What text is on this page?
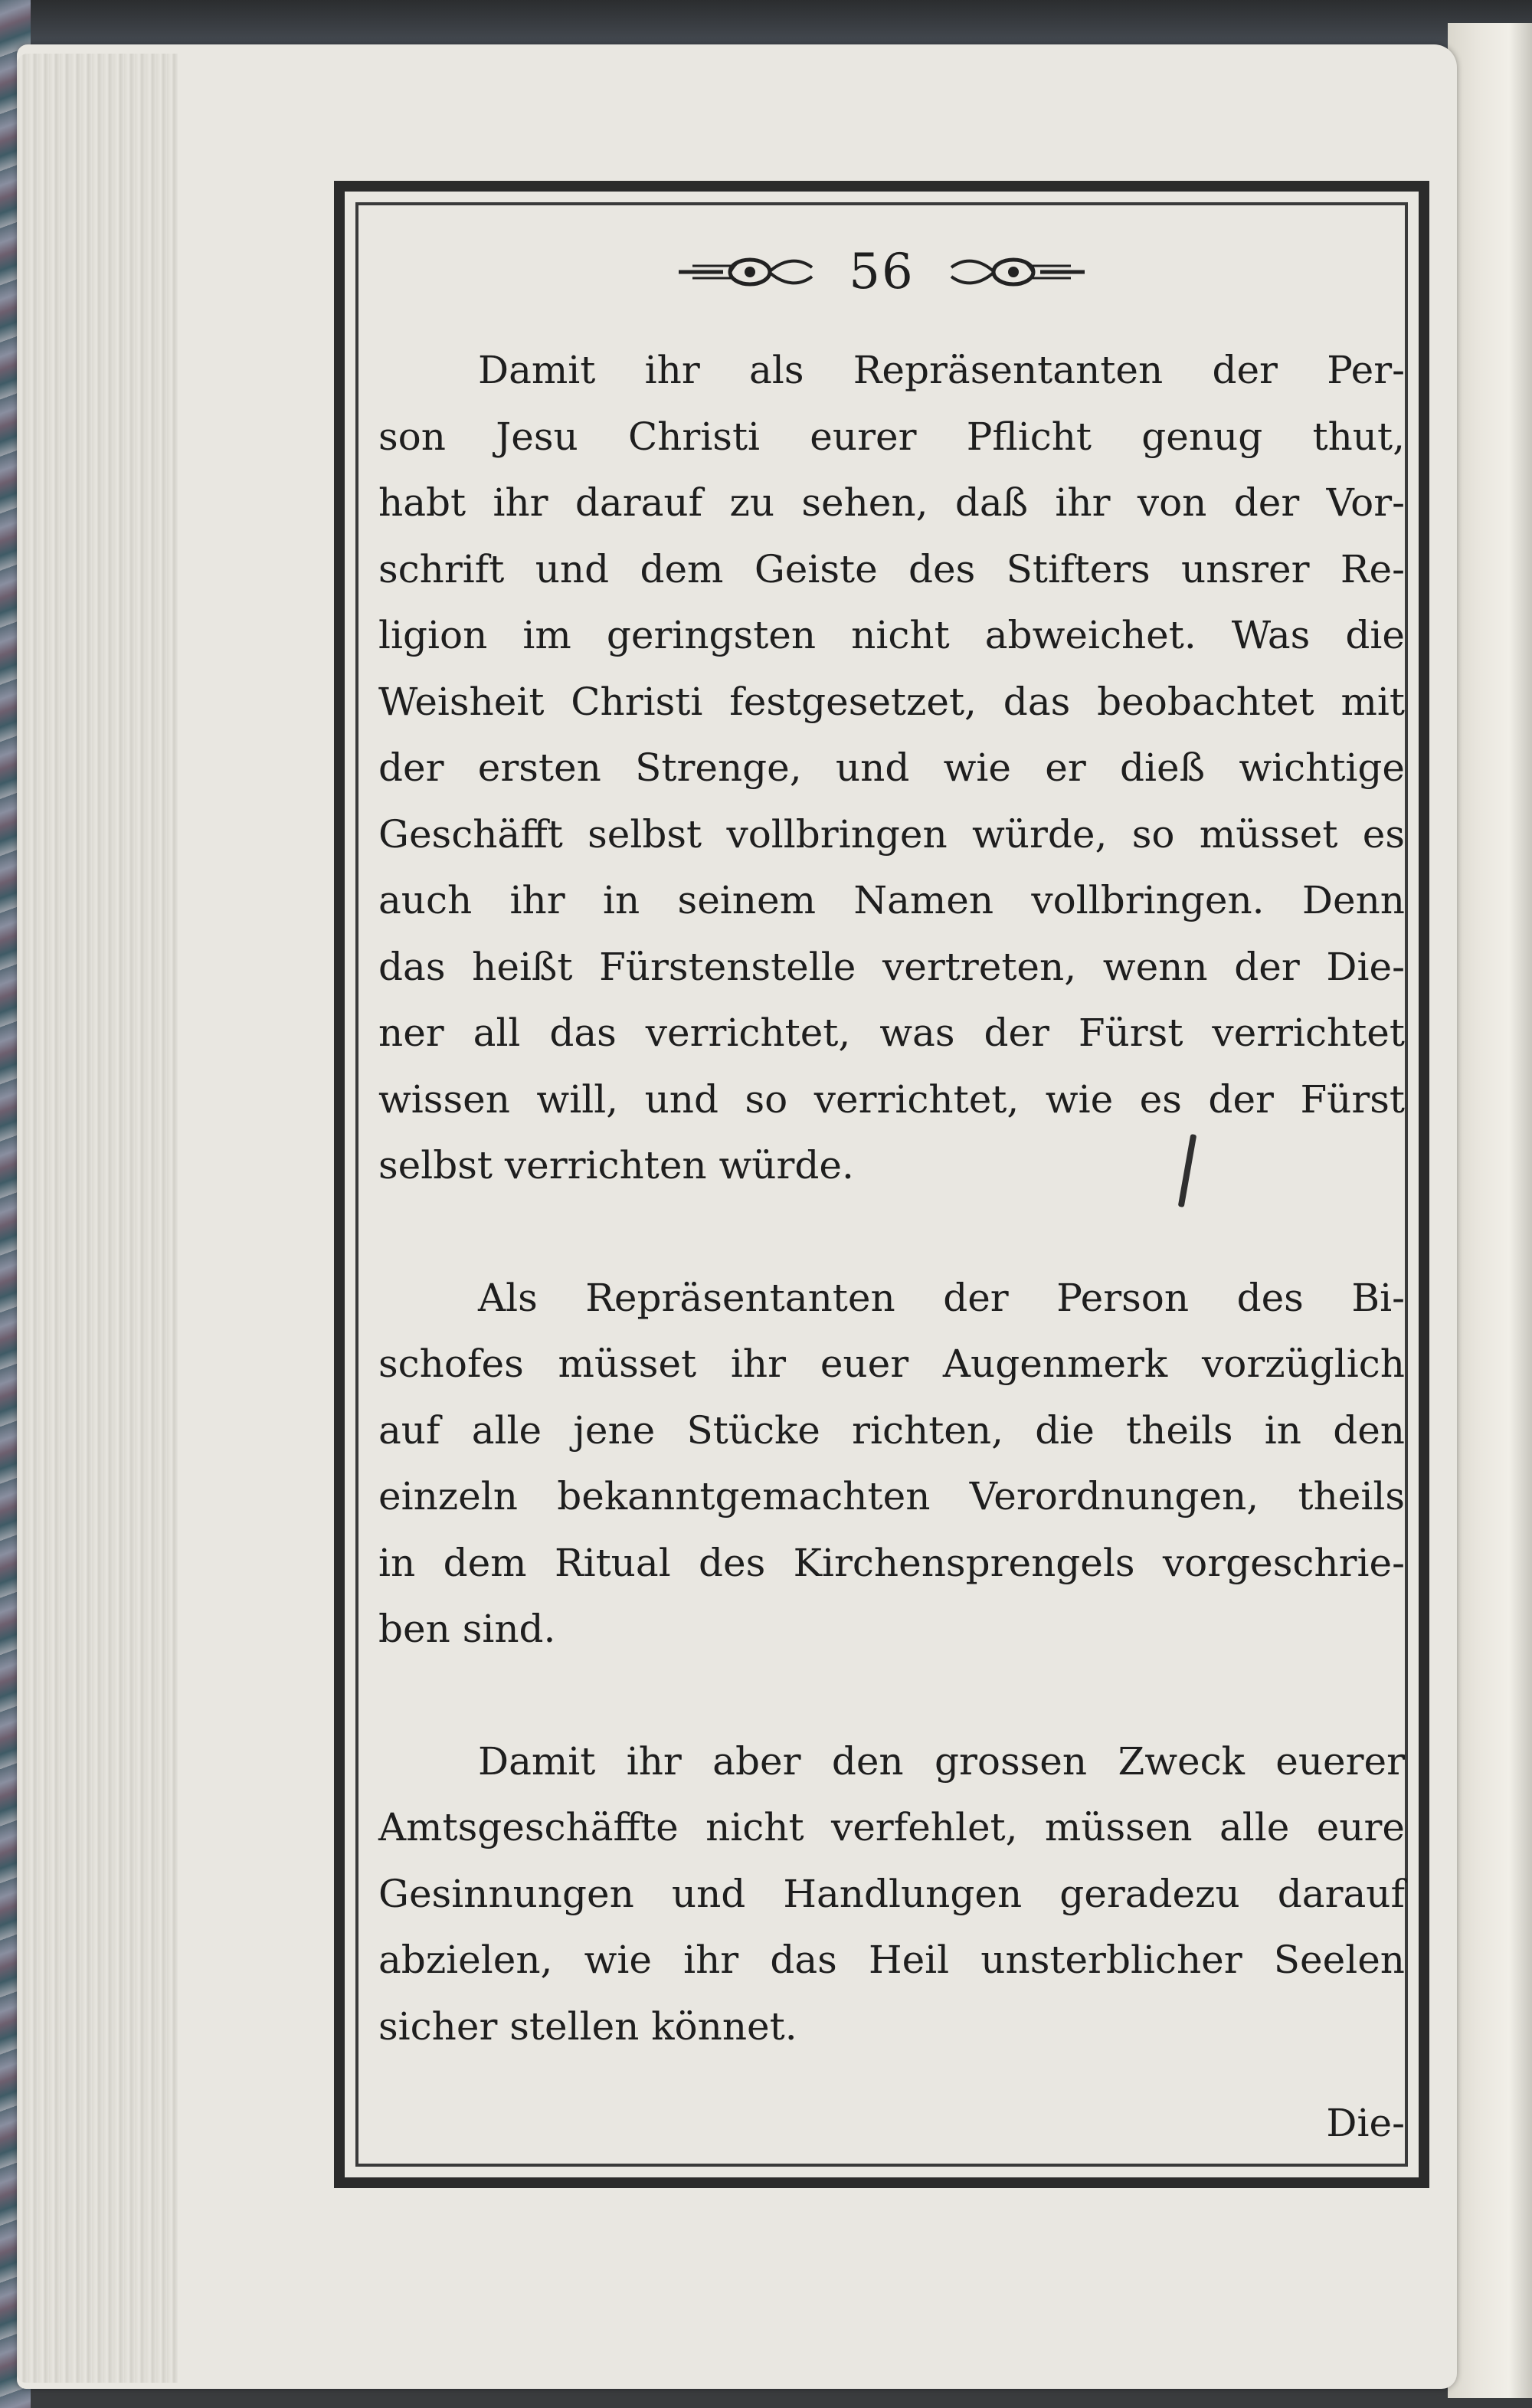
56
Damit ihr als Repräsentanten der Per-
son Jesu Christi eurer Pflicht genug thut,
habt ihr darauf zu sehen, daß ihr von der Vor-
schrift und dem Geiste des Stifters unsrer Re-
ligion im geringsten nicht abweichet. Was die
Weisheit Christi festgesetzet, das beobachtet mit
der ersten Strenge, und wie er dieß wichtige
Geschäfft selbst vollbringen würde, so müsset es
auch ihr in seinem Namen vollbringen. Denn
das heißt Fürstenstelle vertreten, wenn der Die-
ner all das verrichtet, was der Fürst verrichtet
wissen will, und so verrichtet, wie es der Fürst
selbst verrichten würde.
Als Repräsentanten der Person des Bi-
schofes müsset ihr euer Augenmerk vorzüglich
auf alle jene Stücke richten, die theils in den
einzeln bekanntgemachten Verordnungen, theils
in dem Ritual des Kirchensprengels vorgeschrie-
ben sind.
Damit ihr aber den grossen Zweck euerer
Amtsgeschäffte nicht verfehlet, müssen alle eure
Gesinnungen und Handlungen geradezu darauf
abzielen, wie ihr das Heil unsterblicher Seelen
sicher stellen könnet.
Die-
